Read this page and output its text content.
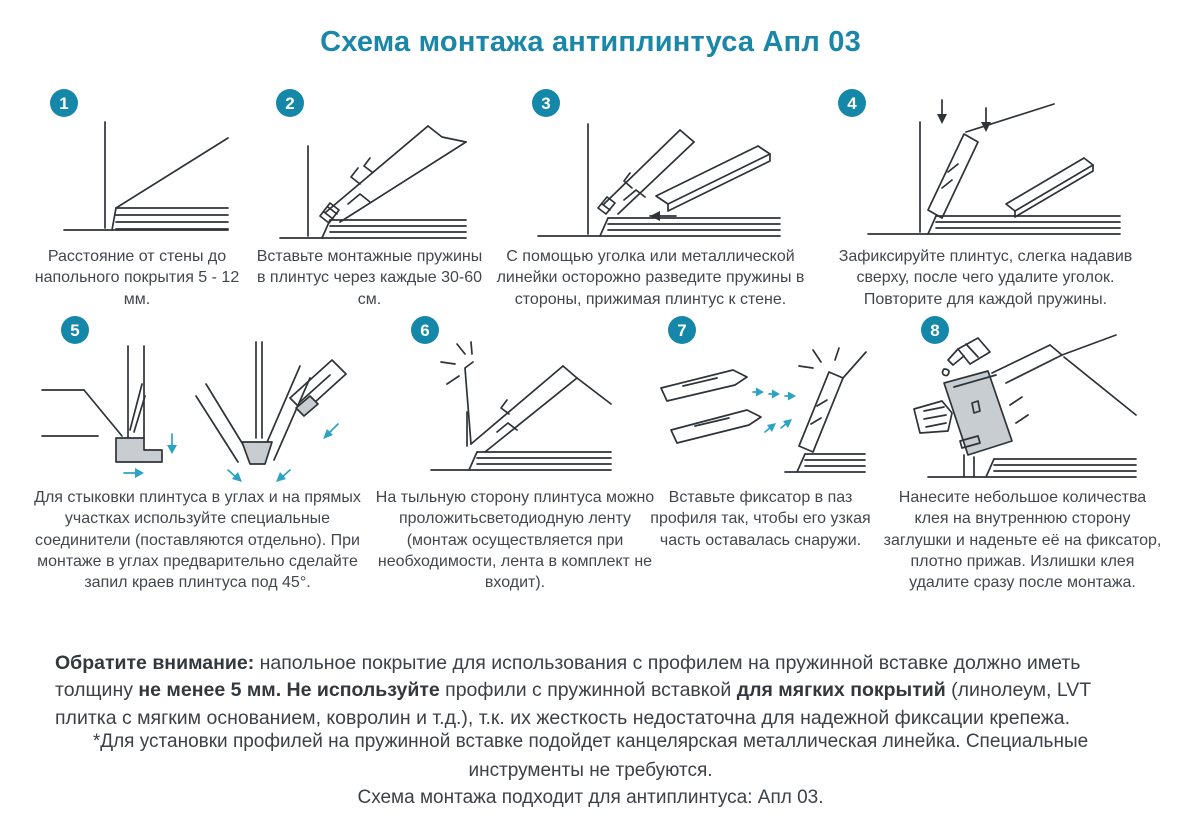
Схема монтажа антиплинтуса Апл 03
1
Расстояние от стены до напольного покрытия 5 - 12 мм.
2
Вставьте монтажные пружины в плинтус через каждые 30-60 см.
3
С помощью уголка или металлической линейки осторожно разведите пружины в стороны, прижимая плинтус к стене.
4
Зафиксируйте плинтус, слегка надавив сверху, после чего удалите уголок. Повторите для каждой пружины.
5
Для стыковки плинтуса в углах и на прямых участках используйте специальные соединители (поставляются отдельно). При монтаже в углах предварительно сделайте запил краев плинтуса под 45°.
6
На тыльную сторону плинтуса можно проложитьсветодиодную ленту (монтаж осуществляется при необходимости, лента в комплект не входит).
7
Вставьте фиксатор в паз профиля так, чтобы его узкая часть оставалась снаружи.
8
Нанесите небольшое количества клея на внутреннюю сторону заглушки и наденьте её на фиксатор, плотно прижав. Излишки клея удалите сразу после монтажа.

Обратите внимание: напольное покрытие для использования с профилем на пружинной вставке должно иметь толщину не менее 5 мм. Не используйте профили с пружинной вставкой для мягких покрытий (линолеум, LVT плитка с мягким основанием, ковролин и т.д.), т.к. их жесткость недостаточна для надежной фиксации крепежа.

*Для установки профилей на пружинной вставке подойдет канцелярская металлическая линейка. Специальные инструменты не требуются.
Схема монтажа подходит для антиплинтуса: Апл 03.
